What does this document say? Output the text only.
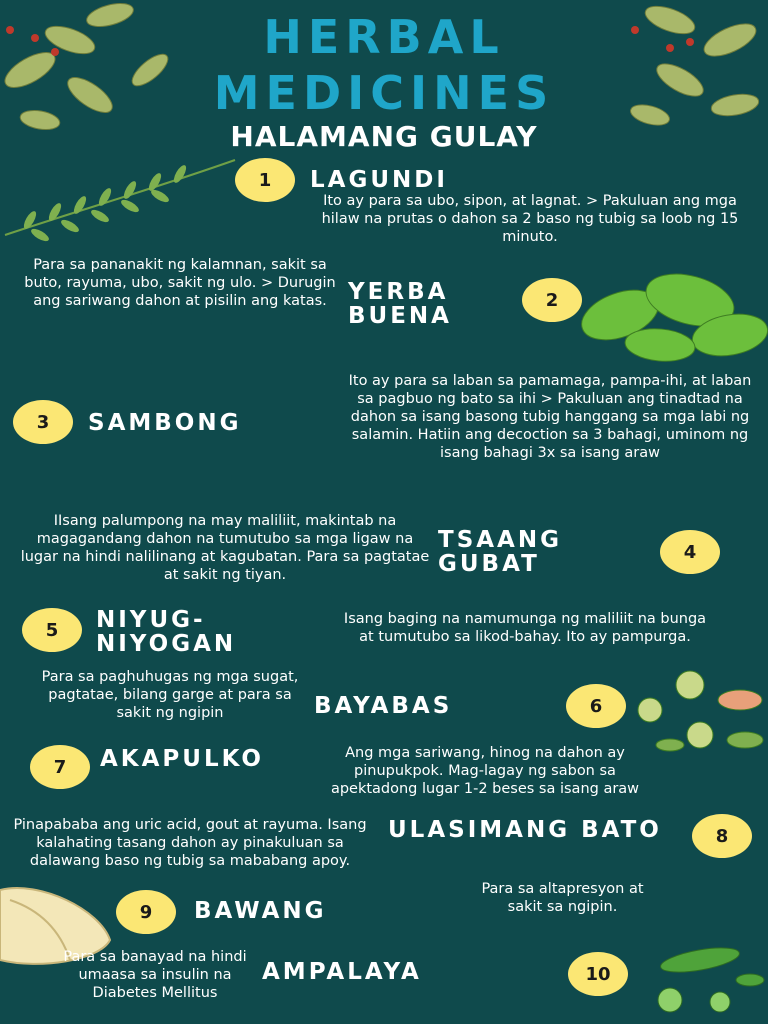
HERBAL
MEDICINES
HALAMANG GULAY
1	LAGUNDI
Ito ay para sa ubo, sipon, at lagnat. > Pakuluan ang mga hilaw na prutas o dahon sa 2 baso ng tubig sa loob ng 15 minuto.
Para sa pananakit ng kalamnan, sakit sa buto, rayuma, ubo, sakit ng ulo. > Durugin ang sariwang dahon at pisilin ang katas. YERBA BUENA
2
3	SAMBONG
Ito ay para sa laban sa pamamaga, pampa-ihi, at laban sa pagbuo ng bato sa ihi > Pakuluan ang tinadtad na dahon sa isang basong tubig hanggang sa mga labi ng salamin. Hatiin ang decoction sa 3 bahagi, uminom ng isang bahagi 3x sa isang araw
IIsang palumpong na may maliliit, makintab na magagandang dahon na tumutubo sa mga ligaw na lugar na hindi nalilinang at kagubatan. Para sa pagtatae at sakit ng tiyan.
TSAANG GUBAT	4
5	NIYUG-NIYOGAN
Isang baging na namumunga ng maliliit na bunga at tumutubo sa likod-bahay. Ito ay pampurga.
Para sa paghuhugas ng mga sugat, pagtatae, bilang garge at para sa sakit ng ngipin	BAYABAS	6
7	AKAPULKO	Ang mga sariwang, hinog na dahon ay pinupukpok. Mag-lagay ng sabon sa apektadong lugar 1-2 beses sa isang araw
Pinapababa ang uric acid, gout at rayuma. Isang kalahating tasang dahon ay pinakuluan sa dalawang baso ng tubig sa mababang apoy.
ULASIMANG BATO	8
9	BAWANG
Para sa altapresyon at sakit sa ngipin.
Para sa banayad na hindi umaasa sa insulin na Diabetes Mellitus
AMPALAYA	10
